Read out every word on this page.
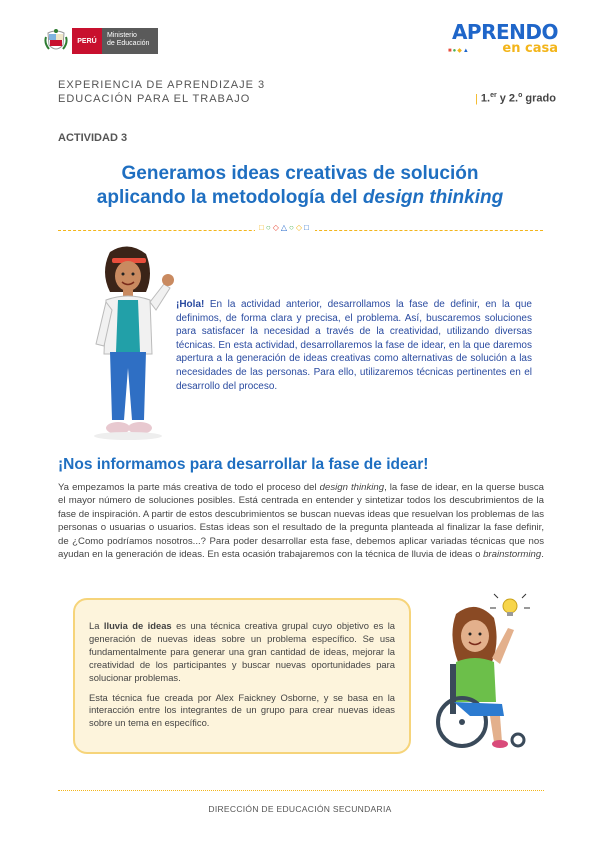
PERÚ
Ministerio
de Educación	APRENDO
en casa
■●◆▲
EXPERIENCIA DE APRENDIZAJE 3
EDUCACIÓN PARA EL TRABAJO	| 1.$^{er}$ y 2.$^o$ grado
ACTIVIDAD 3
Generamos ideas creativas de solución
aplicando la metodología del design thinking
□○◇△○◇□
¡Hola! En la actividad anterior, desarrollamos la fase de definir, en la que definimos, de forma clara y precisa, el problema. Así, buscaremos soluciones para satisfacer la necesidad a través de la creatividad, utilizando diversas técnicas. En esta actividad, desarrollaremos la fase de idear, en la que daremos apertura a la generación de ideas creativas como alternativas de solución a las necesidades de las personas. Para ello, utilizaremos técnicas pertinentes en el desarrollo del proceso.
¡Nos informamos para desarrollar la fase de idear!
Ya empezamos la parte más creativa de todo el proceso del design thinking, la fase de idear, en la querse busca el mayor número de soluciones posibles. Está centrada en entender y sintetizar todos los descubrimientos de la fase de inspiración. A partir de estos descubrimientos se buscan nuevas ideas que resuelvan los problemas de las personas o usuarias o usuarios. Estas ideas son el resultado de la pregunta planteada al finalizar la fase definir, de ¿Como podríamos nosotros...? Para poder desarrollar esta fase, debemos aplicar variadas técnicas que nos ayudan en la generación de ideas. En esta ocasión trabajaremos con la técnica de lluvia de ideas o brainstorming.

La lluvia de ideas es una técnica creativa grupal cuyo objetivo es la generación de nuevas ideas sobre un problema específico. Se usa fundamentalmente para generar una gran cantidad de ideas, mejorar la creatividad de los participantes y buscar nuevas oportunidades para solucionar problemas.

Esta técnica fue creada por Alex Faickney Osborne, y se basa en la interacción entre los integrantes de un grupo para crear nuevas ideas sobre un tema en específico.

DIRECCIÓN DE EDUCACIÓN SECUNDARIA
